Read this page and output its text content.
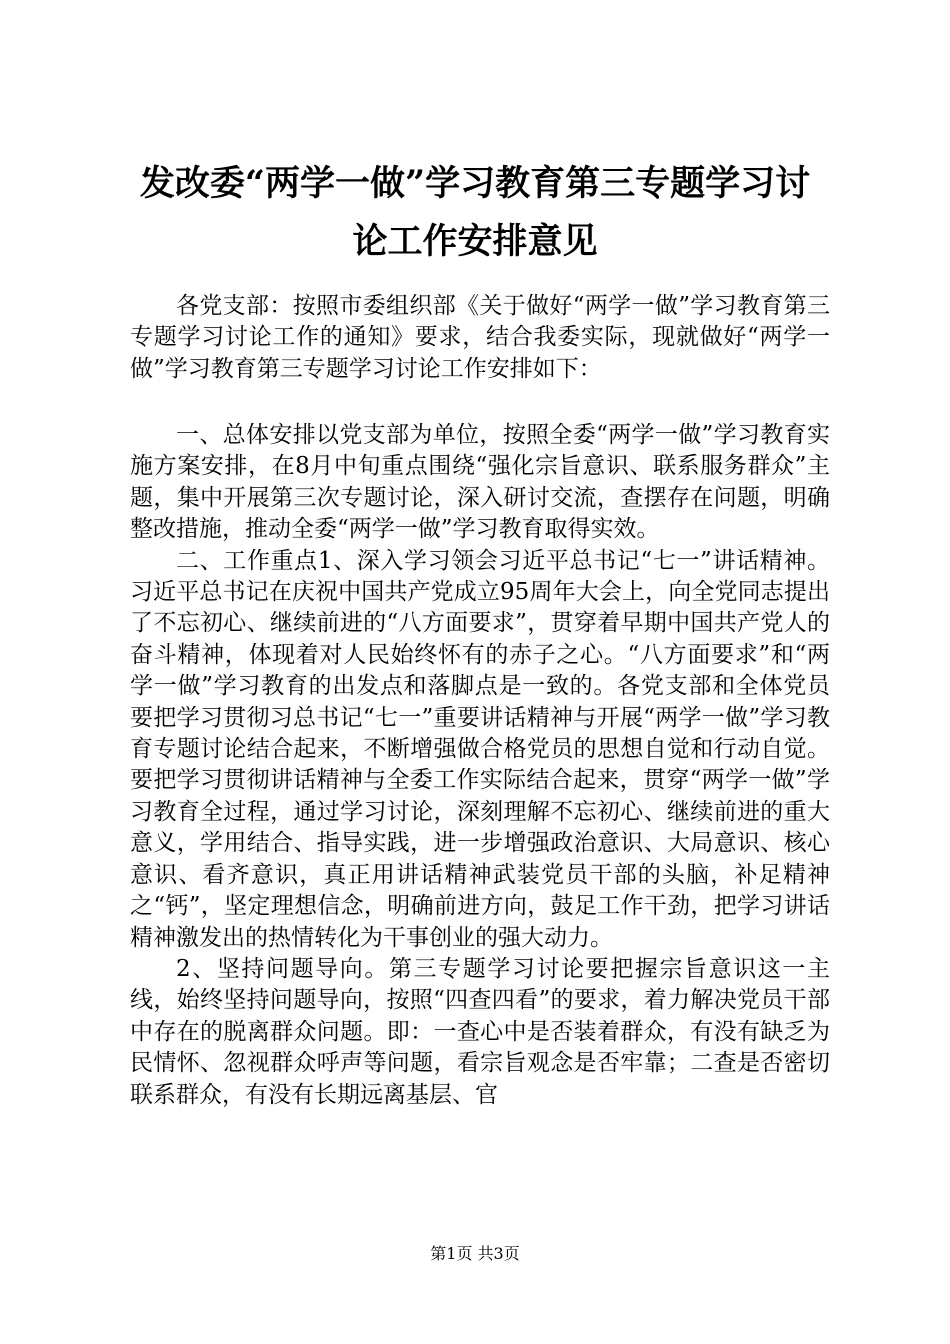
发改委“两学一做”学习教育第三专题学习讨
论工作安排意见

各党支部：按照市委组织部《关于做好“两学一做”学习教育第三专题学习讨论工作的通知》要求，结合我委实际，现就做好“两学一做”学习教育第三专题学习讨论工作安排如下：

一、总体安排以党支部为单位，按照全委“两学一做”学习教育实施方案安排，在8月中旬重点围绕“强化宗旨意识、联系服务群众”主题，集中开展第三次专题讨论，深入研讨交流，查摆存在问题，明确整改措施，推动全委“两学一做”学习教育取得实效。

二、工作重点1、深入学习领会习近平总书记“七一”讲话精神。习近平总书记在庆祝中国共产党成立95周年大会上，向全党同志提出了不忘初心、继续前进的“八方面要求”，贯穿着早期中国共产党人的奋斗精神，体现着对人民始终怀有的赤子之心。“八方面要求”和“两学一做”学习教育的出发点和落脚点是一致的。各党支部和全体党员要把学习贯彻习总书记“七一”重要讲话精神与开展“两学一做”学习教育专题讨论结合起来，不断增强做合格党员的思想自觉和行动自觉。要把学习贯彻讲话精神与全委工作实际结合起来，贯穿“两学一做”学习教育全过程，通过学习讨论，深刻理解不忘初心、继续前进的重大意义，学用结合、指导实践，进一步增强政治意识、大局意识、核心意识、看齐意识，真正用讲话精神武装党员干部的头脑，补足精神之“钙”，坚定理想信念，明确前进方向，鼓足工作干劲，把学习讲话精神激发出的热情转化为干事创业的强大动力。

2、坚持问题导向。第三专题学习讨论要把握宗旨意识这一主线，始终坚持问题导向，按照“四查四看”的要求，着力解决党员干部中存在的脱离群众问题。即：一查心中是否装着群众，有没有缺乏为民情怀、忽视群众呼声等问题，看宗旨观念是否牢靠；二查是否密切联系群众，有没有长期远离基层、官

第1页 共3页
